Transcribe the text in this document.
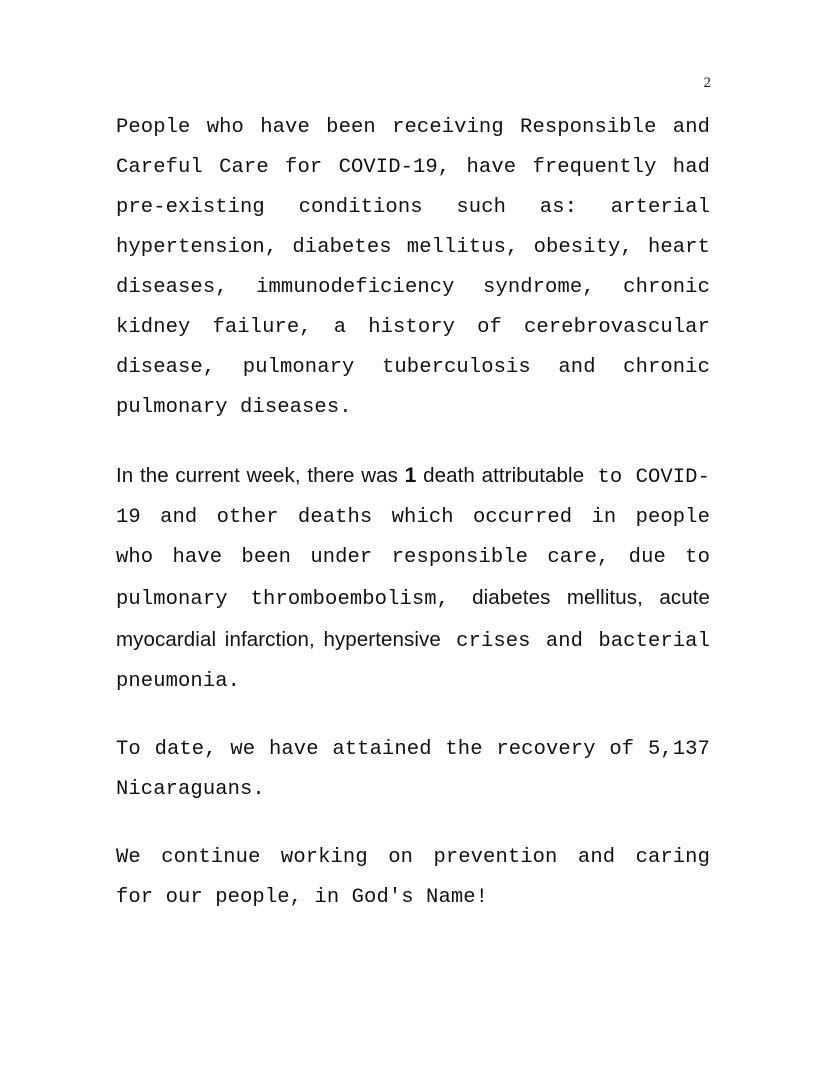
2

People who have been receiving Responsible and Careful Care for COVID-19, have frequently had pre-existing conditions such as: arterial hypertension, diabetes mellitus, obesity, heart diseases, immunodeficiency syndrome, chronic kidney failure, a history of cerebrovascular disease, pulmonary tuberculosis and chronic pulmonary diseases.

In the current week, there was 1 death attributable to COVID-19 and other deaths which occurred in people who have been under responsible care, due to pulmonary thromboembolism, diabetes mellitus, acute myocardial infarction, hypertensive crises and bacterial pneumonia.

To date, we have attained the recovery of 5,137 Nicaraguans.

We continue working on prevention and caring for our people, in God's Name!
